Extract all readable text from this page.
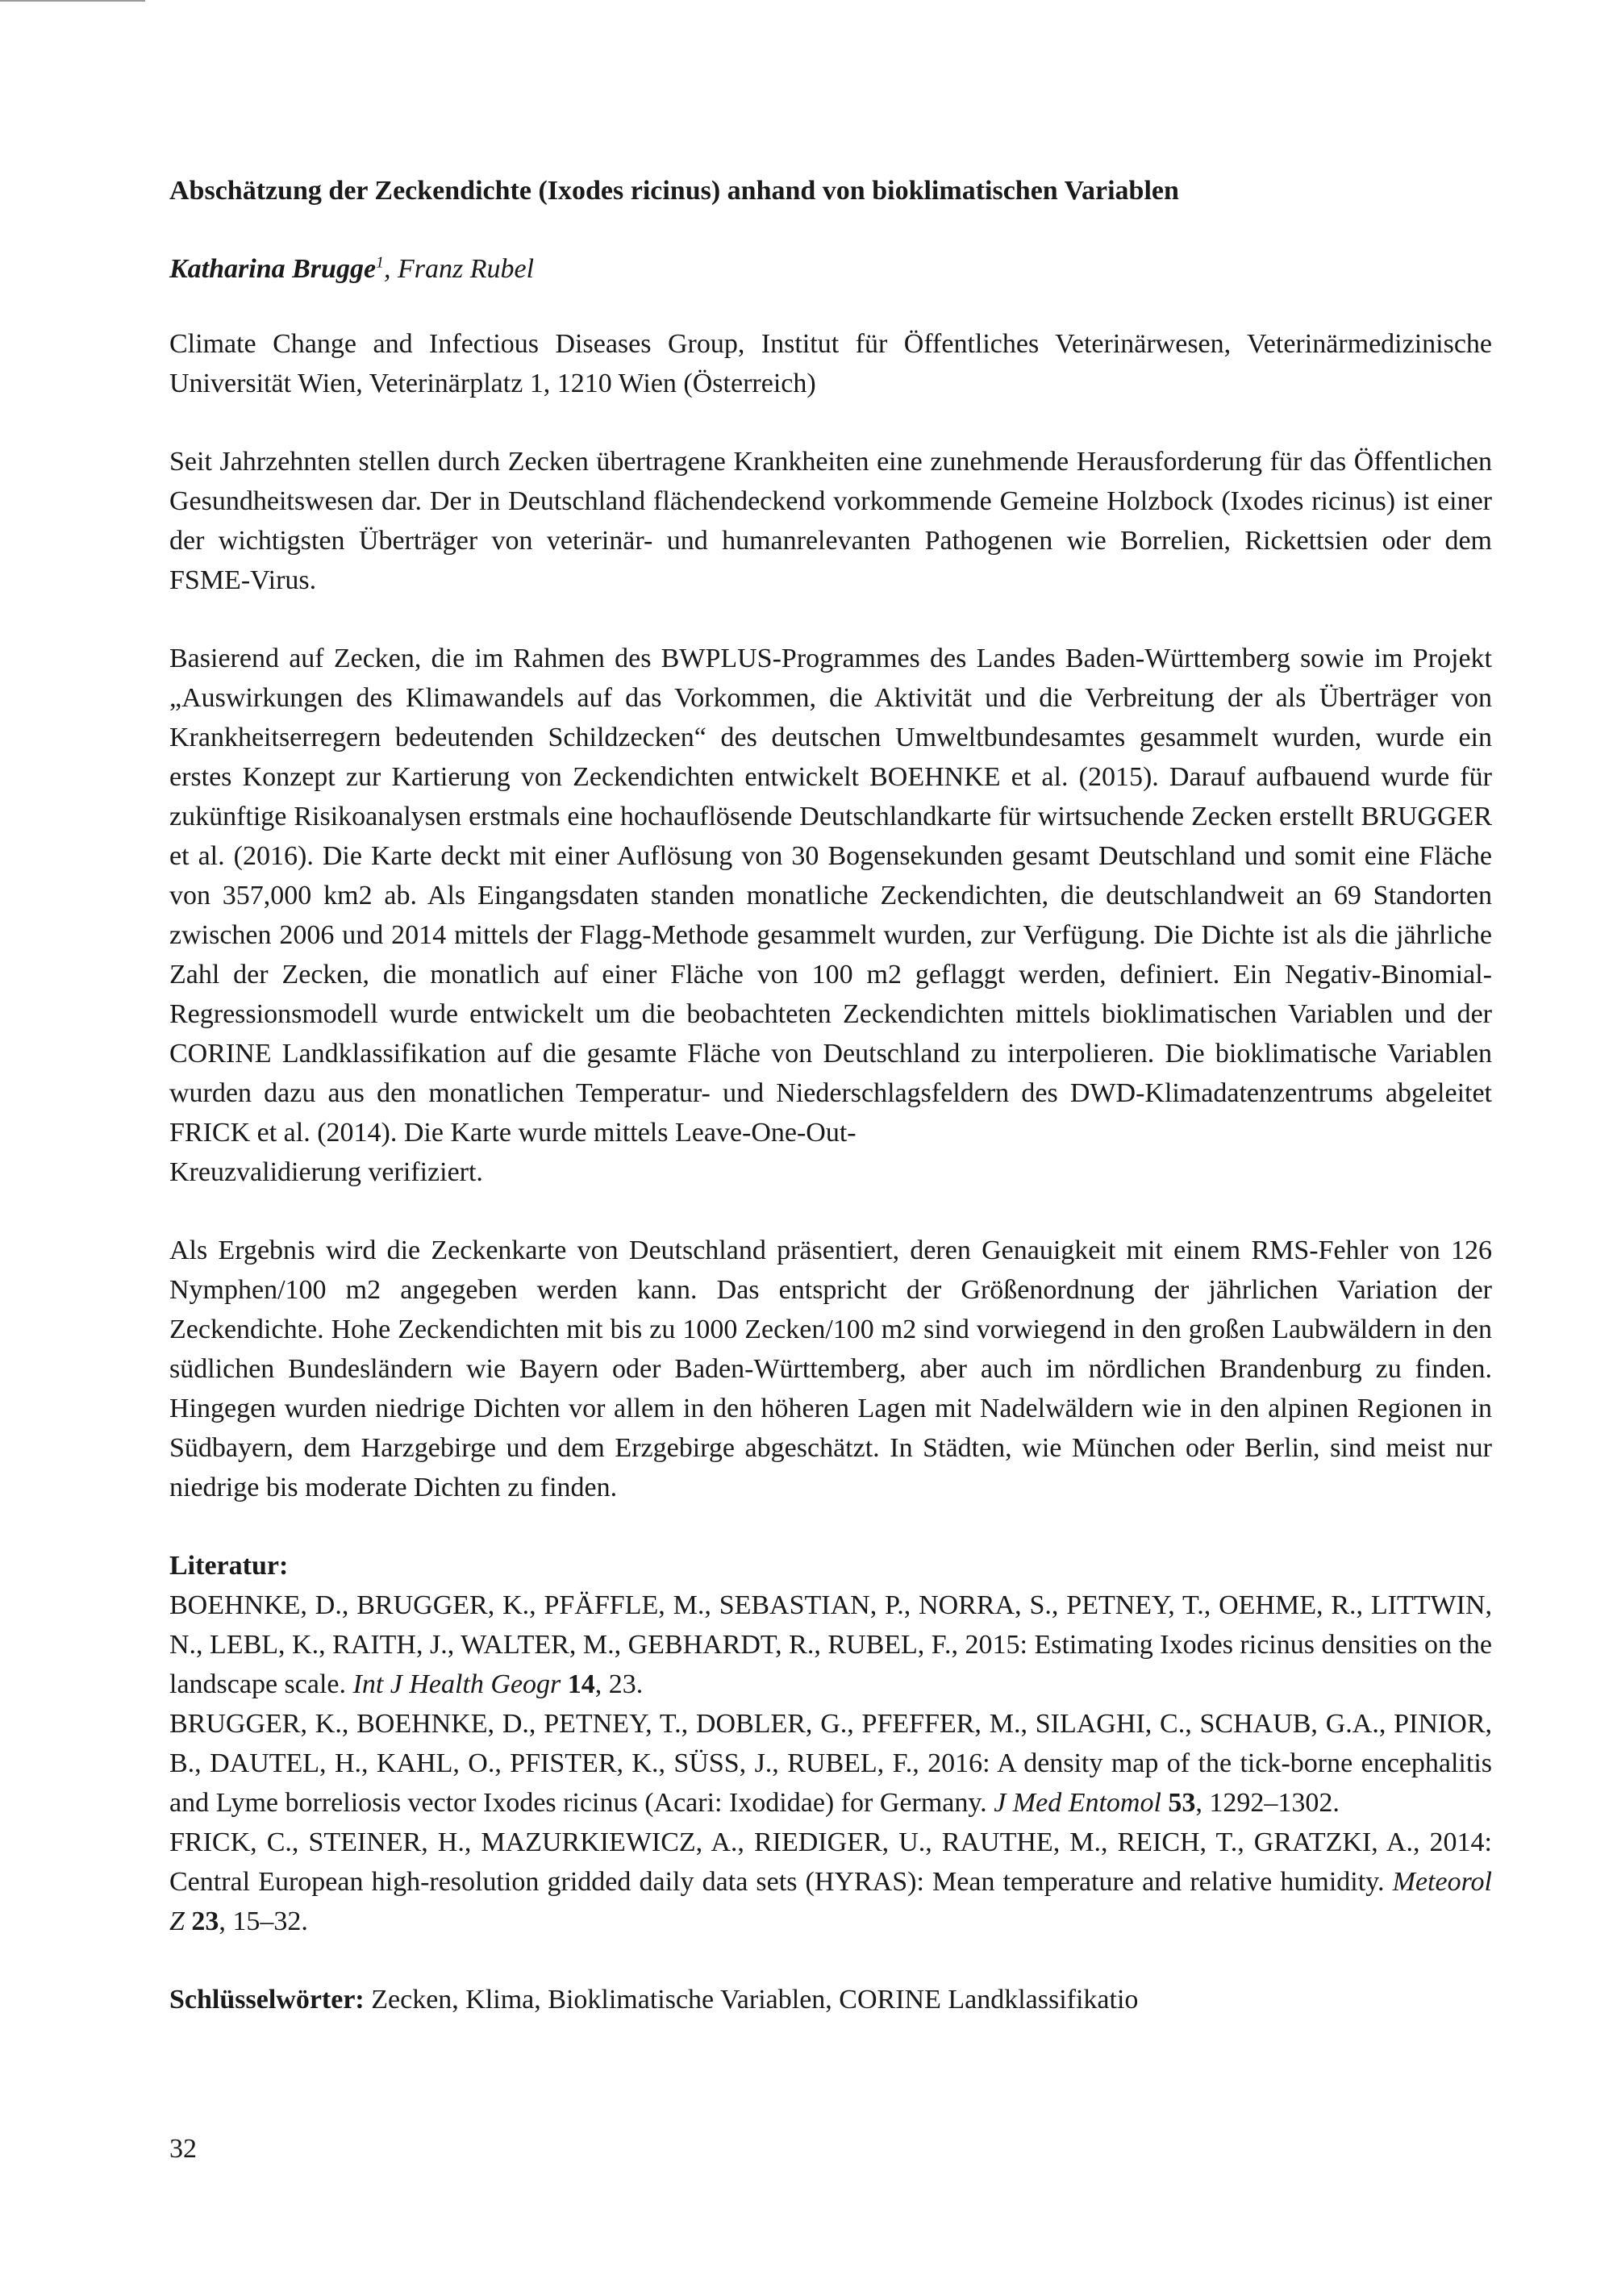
Abschätzung der Zeckendichte (Ixodes ricinus) anhand von bioklimatischen Variablen

Katharina Brugge$^1$, Franz Rubel

Climate Change and Infectious Diseases Group, Institut für Öffentliches Veterinärwesen, Veterinärmedizinische Universität Wien, Veterinärplatz 1, 1210 Wien (Österreich)

Seit Jahrzehnten stellen durch Zecken übertragene Krankheiten eine zunehmende Herausforderung für das Öffentlichen Gesundheitswesen dar. Der in Deutschland flächendeckend vorkommende Gemeine Holzbock (Ixodes ricinus) ist einer der wichtigsten Überträger von veterinär- und humanrelevanten Pathogenen wie Borrelien, Rickettsien oder dem FSME-Virus.

Basierend auf Zecken, die im Rahmen des BWPLUS-Programmes des Landes Baden-Württemberg sowie im Projekt „Auswirkungen des Klimawandels auf das Vorkommen, die Aktivität und die Verbreitung der als Überträger von Krankheitserregern bedeutenden Schildzecken“ des deutschen Umweltbundesamtes gesammelt wurden, wurde ein erstes Konzept zur Kartierung von Zeckendichten entwickelt BOEHNKE et al. (2015). Darauf aufbauend wurde für zukünftige Risikoanalysen erstmals eine hochauflösende Deutschlandkarte für wirtsuchende Zecken erstellt BRUGGER et al. (2016). Die Karte deckt mit einer Auflösung von 30 Bogensekunden gesamt Deutschland und somit eine Fläche von 357,000 km2 ab. Als Eingangsdaten standen monatliche Zeckendichten, die deutschlandweit an 69 Standorten zwischen 2006 und 2014 mittels der Flagg-Methode gesammelt wurden, zur Verfügung. Die Dichte ist als die jährliche Zahl der Zecken, die monatlich auf einer Fläche von 100 m2 geflaggt werden, definiert. Ein Negativ-Binomial-Regressionsmodell wurde entwickelt um die beobachteten Zeckendichten mittels bioklimatischen Variablen und der CORINE Landklassifikation auf die gesamte Fläche von Deutschland zu interpolieren. Die bioklimatische Variablen wurden dazu aus den monatlichen Temperatur- und Niederschlagsfeldern des DWD-Klimadatenzentrums abgeleitet FRICK et al. (2014). Die Karte wurde mittels Leave-One-Out-

Kreuzvalidierung verifiziert.

Als Ergebnis wird die Zeckenkarte von Deutschland präsentiert, deren Genauigkeit mit einem RMS-Fehler von 126 Nymphen/100 m2 angegeben werden kann. Das entspricht der Größenordnung der jährlichen Variation der Zeckendichte. Hohe Zeckendichten mit bis zu 1000 Zecken/100 m2 sind vorwiegend in den großen Laubwäldern in den südlichen Bundesländern wie Bayern oder Baden-Württemberg, aber auch im nördlichen Brandenburg zu finden. Hingegen wurden niedrige Dichten vor allem in den höheren Lagen mit Nadelwäldern wie in den alpinen Regionen in Südbayern, dem Harzgebirge und dem Erzgebirge abgeschätzt. In Städten, wie München oder Berlin, sind meist nur niedrige bis moderate Dichten zu finden.

Literatur:

BOEHNKE, D., BRUGGER, K., PFÄFFLE, M., SEBASTIAN, P., NORRA, S., PETNEY, T., OEHME, R., LITTWIN, N., LEBL, K., RAITH, J., WALTER, M., GEBHARDT, R., RUBEL, F., 2015: Estimating Ixodes ricinus densities on the landscape scale. Int J Health Geogr 14, 23.

BRUGGER, K., BOEHNKE, D., PETNEY, T., DOBLER, G., PFEFFER, M., SILAGHI, C., SCHAUB, G.A., PINIOR, B., DAUTEL, H., KAHL, O., PFISTER, K., SÜSS, J., RUBEL, F., 2016: A density map of the tick-borne encephalitis and Lyme borreliosis vector Ixodes ricinus (Acari: Ixodidae) for Germany. J Med Entomol 53, 1292–1302.

FRICK, C., STEINER, H., MAZURKIEWICZ, A., RIEDIGER, U., RAUTHE, M., REICH, T., GRATZKI, A., 2014: Central European high-resolution gridded daily data sets (HYRAS): Mean temperature and relative humidity. Meteorol Z 23, 15–32.

Schlüsselwörter: Zecken, Klima, Bioklimatische Variablen, CORINE Landklassifikatio

32
